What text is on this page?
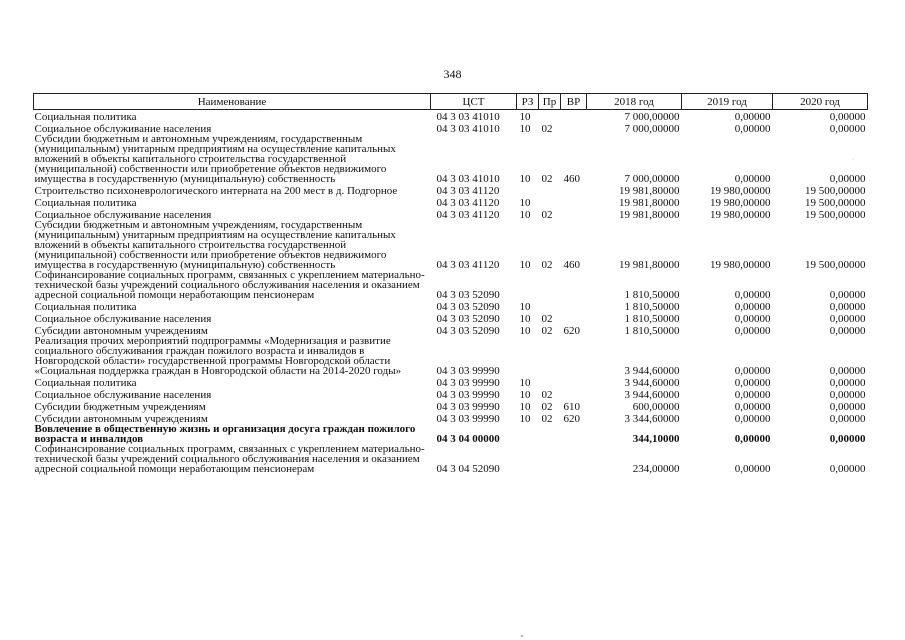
348
Наименование	ЦСТ	РЗ	Пр	ВР	2018 год	2019 год	2020 год
Социальная политика	04 3 03 41010	10			7 000,00000	0,00000	0,00000
Социальное обслуживание населения	04 3 03 41010	10	02		7 000,00000	0,00000	0,00000
Субсидии бюджетным и автономным учреждениям, государственным (муниципальным) унитарным предприятиям на осуществление капитальных вложений в объекты капитального строительства государственной (муниципальной) собственности или приобретение объектов недвижимого имущества в государственную (муниципальную) собственность	04 3 03 41010	10	02	460	7 000,00000	0,00000	0,00000
Строительство психоневрологического интерната на 200 мест в д. Подгорное	04 3 03 41120				19 981,80000	19 980,00000	19 500,00000
Социальная политика	04 3 03 41120	10			19 981,80000	19 980,00000	19 500,00000
Социальное обслуживание населения	04 3 03 41120	10	02		19 981,80000	19 980,00000	19 500,00000
Субсидии бюджетным и автономным учреждениям, государственным (муниципальным) унитарным предприятиям на осуществление капитальных вложений в объекты капитального строительства государственной (муниципальной) собственности или приобретение объектов недвижимого имущества в государственную (муниципальную) собственность	04 3 03 41120	10	02	460	19 981,80000	19 980,00000	19 500,00000
Софинансирование социальных программ, связанных с укреплением материально-технической базы учреждений социального обслуживания населения и оказанием адресной социальной помощи неработающим пенсионерам	04 3 03 52090				1 810,50000	0,00000	0,00000
Социальная политика	04 3 03 52090	10			1 810,50000	0,00000	0,00000
Социальное обслуживание населения	04 3 03 52090	10	02		1 810,50000	0,00000	0,00000
Субсидии автономным учреждениям	04 3 03 52090	10	02	620	1 810,50000	0,00000	0,00000
Реализация прочих мероприятий подпрограммы «Модернизация и развитие социального обслуживания граждан пожилого возраста и инвалидов в Новгородской области» государственной программы Новгородской области «Социальная поддержка граждан в Новгородской области на 2014-2020 годы»	04 3 03 99990				3 944,60000	0,00000	0,00000
Социальная политика	04 3 03 99990	10			3 944,60000	0,00000	0,00000
Социальное обслуживание населения	04 3 03 99990	10	02		3 944,60000	0,00000	0,00000
Субсидии бюджетным учреждениям	04 3 03 99990	10	02	610	600,00000	0,00000	0,00000
Субсидии автономным учреждениям	04 3 03 99990	10	02	620	3 344,60000	0,00000	0,00000
Вовлечение в общественную жизнь и организация досуга граждан пожилого возраста и инвалидов	04 3 04 00000				344,10000	0,00000	0,00000
Софинансирование социальных программ, связанных с укреплением материально-технической базы учреждений социального обслуживания населения и оказанием адресной социальной помощи неработающим пенсионерам	04 3 04 52090				234,00000	0,00000	0,00000
